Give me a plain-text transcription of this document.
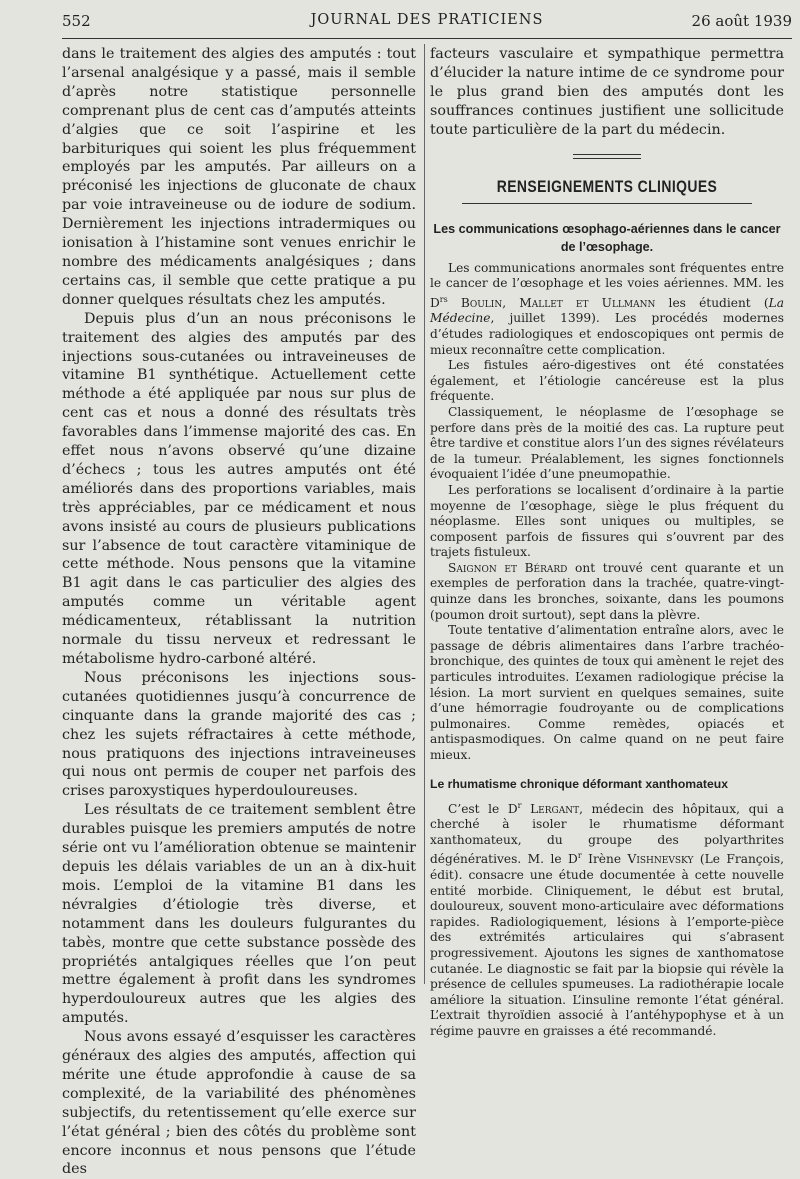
552	JOURNAL DES PRATICIENS	26 août 1939

dans le traitement des algies des amputés : tout l’arsenal analgésique y a passé, mais il semble d’après notre statistique personnelle comprenant plus de cent cas d’amputés atteints d’algies que ce soit l’aspirine et les barbituriques qui soient les plus fréquemment employés par les amputés. Par ailleurs on a préconisé les injections de gluconate de chaux par voie intraveineuse ou de iodure de sodium. Dernièrement les injections intradermiques ou ionisation à l’histamine sont venues enrichir le nombre des médicaments analgésiques ; dans certains cas, il semble que cette pratique a pu donner quelques résultats chez les amputés.

Depuis plus d’un an nous préconisons le traitement des algies des amputés par des injections sous-cutanées ou intraveineuses de vitamine B1 synthétique. Actuellement cette méthode a été appliquée par nous sur plus de cent cas et nous a donné des résultats très favorables dans l’immense majorité des cas. En effet nous n’avons observé qu’une dizaine d’échecs ; tous les autres amputés ont été améliorés dans des proportions variables, mais très appréciables, par ce médicament et nous avons insisté au cours de plusieurs publications sur l’absence de tout caractère vitaminique de cette méthode. Nous pensons que la vitamine B1 agit dans le cas particulier des algies des amputés comme un véritable agent médicamenteux, rétablissant la nutrition normale du tissu nerveux et redressant le métabolisme hydro-carboné altéré.

Nous préconisons les injections sous-cutanées quotidiennes jusqu’à concurrence de cinquante dans la grande majorité des cas ; chez les sujets réfractaires à cette méthode, nous pratiquons des injections intraveineuses qui nous ont permis de couper net parfois des crises paroxystiques hyperdouloureuses.

Les résultats de ce traitement semblent être durables puisque les premiers amputés de notre série ont vu l’amélioration obtenue se maintenir depuis les délais variables de un an à dix-huit mois. L’emploi de la vitamine B1 dans les névralgies d’étiologie très diverse, et notamment dans les douleurs fulgurantes du tabès, montre que cette substance possède des propriétés antalgiques réelles que l’on peut mettre également à profit dans les syndromes hyperdouloureux autres que les algies des amputés.

Nous avons essayé d’esquisser les caractères généraux des algies des amputés, affection qui mérite une étude approfondie à cause de sa complexité, de la variabilité des phénomènes subjectifs, du retentissement qu’elle exerce sur l’état général ; bien des côtés du problème sont encore inconnus et nous pensons que l’étude des

facteurs vasculaire et sympathique permettra d’élucider la nature intime de ce syndrome pour le plus grand bien des amputés dont les souffrances continues justifient une sollicitude toute particulière de la part du médecin.

RENSEIGNEMENTS CLINIQUES
Les communications œsophago-aériennes dans le cancer de l’œsophage.

Les communications anormales sont fréquentes entre le cancer de l’œsophage et les voies aériennes. MM. les $D^{rs}$ Boulin, Mallet et Ullmann les étudient (La Médecine, juillet 1399). Les procédés modernes d’études radiologiques et endoscopiques ont permis de mieux reconnaître cette complication.

Les fistules aéro-digestives ont été constatées également, et l’étiologie cancéreuse est la plus fréquente.

Classiquement, le néoplasme de l’œsophage se perfore dans près de la moitié des cas. La rupture peut être tardive et constitue alors l’un des signes révélateurs de la tumeur. Préalablement, les signes fonctionnels évoquaient l’idée d’une pneumopathie.

Les perforations se localisent d’ordinaire à la partie moyenne de l’œsophage, siège le plus fréquent du néoplasme. Elles sont uniques ou multiples, se composent parfois de fissures qui s’ouvrent par des trajets fistuleux.

Saignon et Bérard ont trouvé cent quarante et un exemples de perforation dans la trachée, quatre-vingt-quinze dans les bronches, soixante, dans les poumons (poumon droit surtout), sept dans la plèvre.

Toute tentative d’alimentation entraîne alors, avec le passage de débris alimentaires dans l’arbre trachéo-bronchique, des quintes de toux qui amènent le rejet des particules introduites. L’examen radiologique précise la lésion. La mort survient en quelques semaines, suite d’une hémorragie foudroyante ou de complications pulmonaires. Comme remèdes, opiacés et antispasmodiques. On calme quand on ne peut faire mieux.

Le rhumatisme chronique déformant xanthomateux

C’est le $D^r$ Lergant, médecin des hôpitaux, qui a cherché à isoler le rhumatisme déformant xanthomateux, du groupe des polyarthrites dégénératives. M. le $D^r$ Irène Vishnevsky (Le François, édit). consacre une étude documentée à cette nouvelle entité morbide. Cliniquement, le début est brutal, douloureux, souvent mono-articulaire avec déformations rapides. Radiologiquement, lésions à l’emporte-pièce des extrémités articulaires qui s’abrasent progressivement. Ajoutons les signes de xanthomatose cutanée. Le diagnostic se fait par la biopsie qui révèle la présence de cellules spumeuses. La radiothérapie locale améliore la situation. L’insuline remonte l’état général. L’extrait thyroïdien associé à l’antéhypophyse et à un régime pauvre en graisses a été recommandé.
